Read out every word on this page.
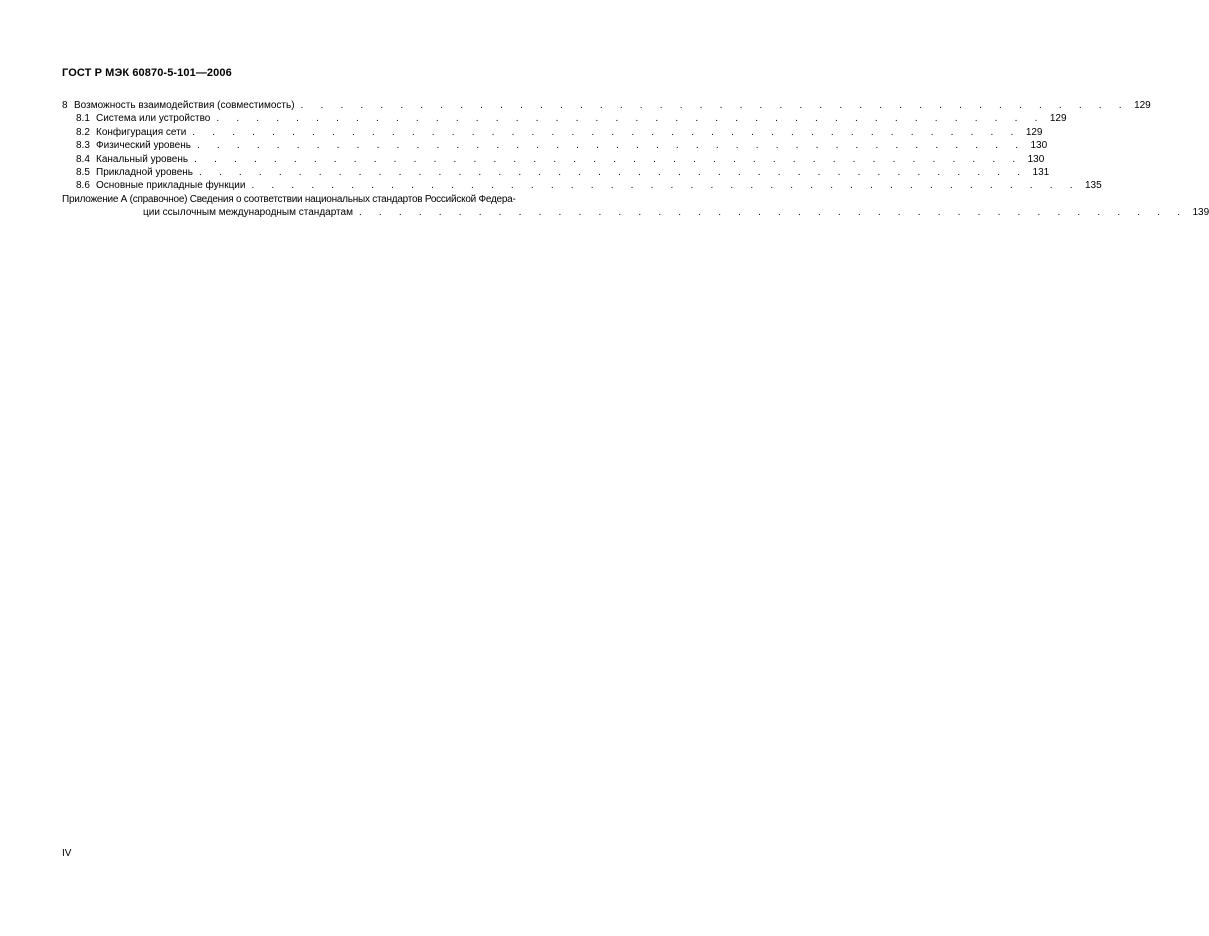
ГОСТ Р МЭК 60870-5-101—2006
8 Возможность взаимодействия (совместимость) . . . . . . . . . . . . . . . . . . . . . . . . . . . . . . . . . . . . . . . . . . 129
8.1 Система или устройство . . . . . . . . . . . . . . . . . . . . . . . . . . . . . . . . . . . . . . . . . . 129
8.2 Конфигурация сети . . . . . . . . . . . . . . . . . . . . . . . . . . . . . . . . . . . . . . . . . . 129
8.3 Физический уровень . . . . . . . . . . . . . . . . . . . . . . . . . . . . . . . . . . . . . . . . . . 130
8.4 Канальный уровень . . . . . . . . . . . . . . . . . . . . . . . . . . . . . . . . . . . . . . . . . . 130
8.5 Прикладной уровень . . . . . . . . . . . . . . . . . . . . . . . . . . . . . . . . . . . . . . . . . . 131
8.6 Основные прикладные функции . . . . . . . . . . . . . . . . . . . . . . . . . . . . . . . . . . . . . . . . . . 135
Приложение А (справочное) Сведения о соответствии национальных стандартов Российской Федера-
ции ссылочным международным стандартам . . . . . . . . . . . . . . . . . . . . . . . . . . . . . . . . . . . . . . . . . . 139
IV
